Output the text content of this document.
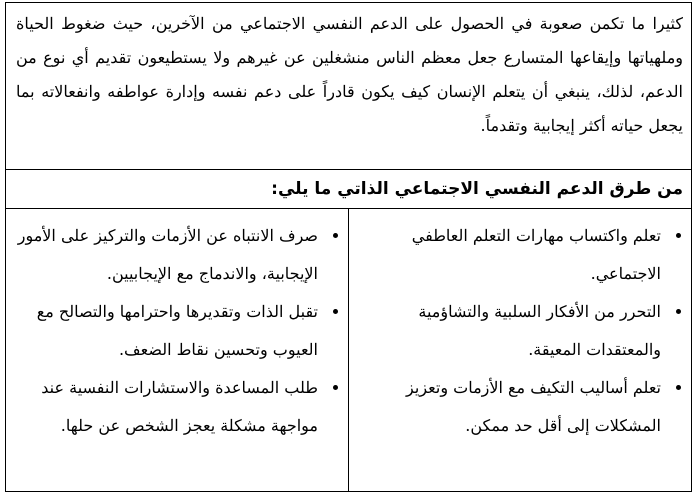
كثيرا ما تكمن صعوبة في الحصول على الدعم النفسي الاجتماعي من الآخرين، حيث ضغوط الحياة وملهياتها وإيقاعها المتسارع جعل معظم الناس منشغلين عن غيرهم ولا يستطيعون تقديم أي نوع من الدعم، لذلك، ينبغي أن يتعلم الإنسان كيف يكون قادراً على دعم نفسه وإدارة عواطفه وانفعالاته بما يجعل حياته أكثر إيجابية وتقدماً.

من طرق الدعم النفسي الاجتماعي الذاتي ما يلي:

تعلم واكتساب مهارات التعلم العاطفي الاجتماعي.
التحرر من الأفكار السلبية والتشاؤمية والمعتقدات المعيقة.
تعلم أساليب التكيف مع الأزمات وتعزيز المشكلات إلى أقل حد ممكن.

صرف الانتباه عن الأزمات والتركيز على الأمور الإيجابية، والاندماج مع الإيجابيين.
تقبل الذات وتقديرها واحترامها والتصالح مع العيوب وتحسين نقاط الضعف.
طلب المساعدة والاستشارات النفسية عند مواجهة مشكلة يعجز الشخص عن حلها.
